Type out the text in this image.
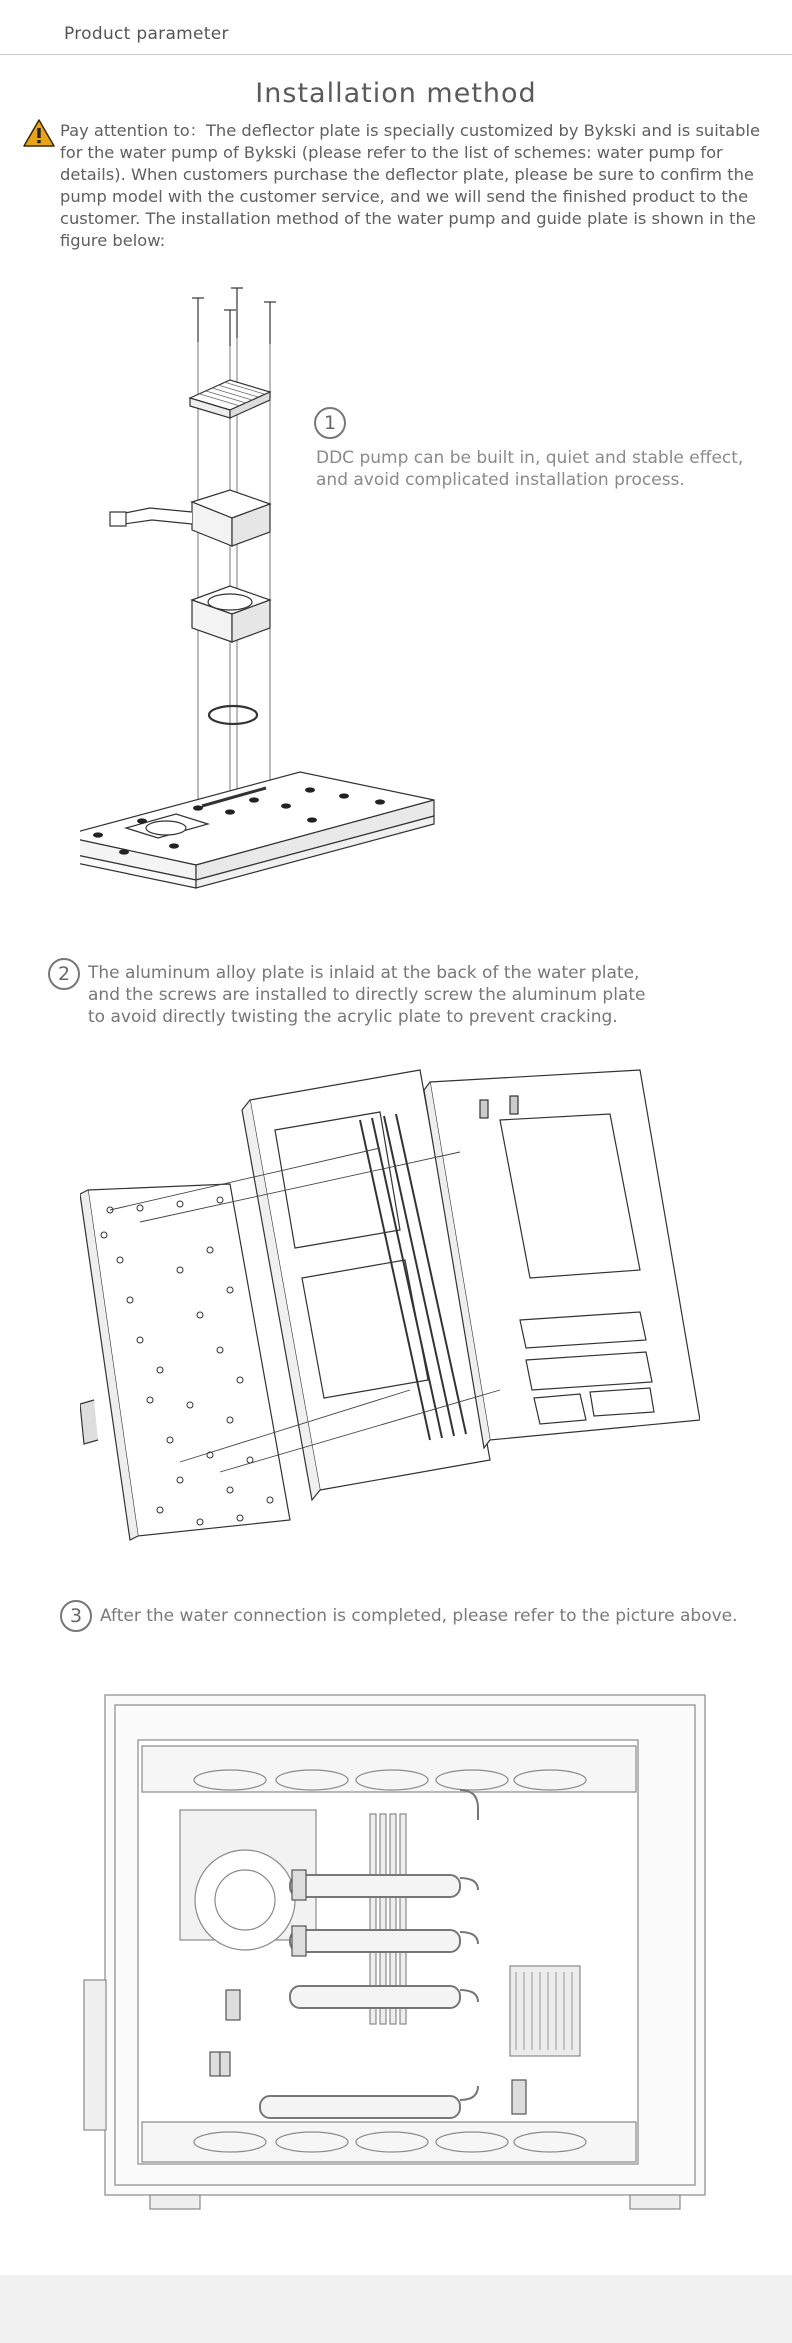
Product parameter
Installation method
Pay attention to：The deflector plate is specially customized by Bykski and is suitable for the water pump of Bykski (please refer to the list of schemes: water pump for details). When customers purchase the deflector plate, please be sure to confirm the pump model with the customer service, and we will send the finished product to the customer. The installation method of the water pump and guide plate is shown in the figure below:
1
DDC pump can be built in, quiet and stable effect, and avoid complicated installation process.
2	The aluminum alloy plate is inlaid at the back of the water plate, and the screws are installed to directly screw the aluminum plate to avoid directly twisting the acrylic plate to prevent cracking.
3	After the water connection is completed, please refer to the picture above.
